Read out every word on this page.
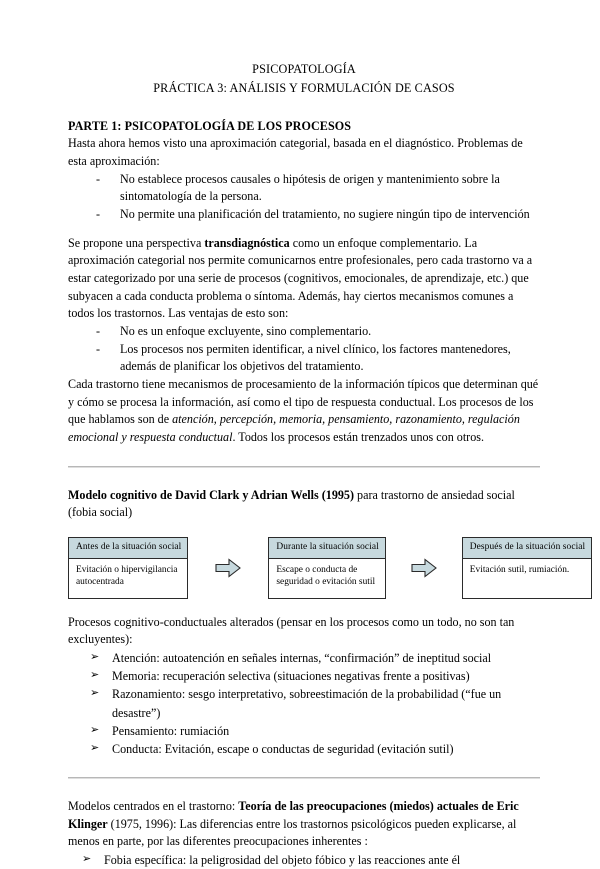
PSICOPATOLOGÍA
PRÁCTICA 3: ANÁLISIS Y FORMULACIÓN DE CASOS
PARTE 1: PSICOPATOLOGÍA DE LOS PROCESOS

Hasta ahora hemos visto una aproximación categorial, basada en el diagnóstico. Problemas de esta aproximación:

- No establece procesos causales o hipótesis de origen y mantenimiento sobre la sintomatología de la persona.
- No permite una planificación del tratamiento, no sugiere ningún tipo de intervención

Se propone una perspectiva transdiagnóstica como un enfoque complementario. La aproximación categorial nos permite comunicarnos entre profesionales, pero cada trastorno va a estar categorizado por una serie de procesos (cognitivos, emocionales, de aprendizaje, etc.) que subyacen a cada conducta problema o síntoma. Además, hay ciertos mecanismos comunes a todos los trastornos. Las ventajas de esto son:

- No es un enfoque excluyente, sino complementario.
- Los procesos nos permiten identificar, a nivel clínico, los factores mantenedores, además de planificar los objetivos del tratamiento.

Cada trastorno tiene mecanismos de procesamiento de la información típicos que determinan qué y cómo se procesa la información, así como el tipo de respuesta conductual. Los procesos de los que hablamos son de atención, percepción, memoria, pensamiento, razonamiento, regulación emocional y respuesta conductual. Todos los procesos están trenzados unos con otros.

Modelo cognitivo de David Clark y Adrian Wells (1995) para trastorno de ansiedad social (fobia social)

Antes de la situación social
Evitación o hipervigilancia autocentrada
Durante la situación social
Escape o conducta de seguridad o evitación sutil
Después de la situación social
Evitación sutil, rumiación.

Procesos cognitivo-conductuales alterados (pensar en los procesos como un todo, no son tan excluyentes):

➢ Atención: autoatención en señales internas, “confirmación” de ineptitud social
➢ Memoria: recuperación selectiva (situaciones negativas frente a positivas)
➢ Razonamiento: sesgo interpretativo, sobreestimación de la probabilidad (“fue un desastre”)
➢ Pensamiento: rumiación
➢ Conducta: Evitación, escape o conductas de seguridad (evitación sutil)

Modelos centrados en el trastorno: Teoría de las preocupaciones (miedos) actuales de Eric Klinger (1975, 1996): Las diferencias entre los trastornos psicológicos pueden explicarse, al menos en parte, por las diferentes preocupaciones inherentes :

➢ Fobia específica: la peligrosidad del objeto fóbico y las reacciones ante él
